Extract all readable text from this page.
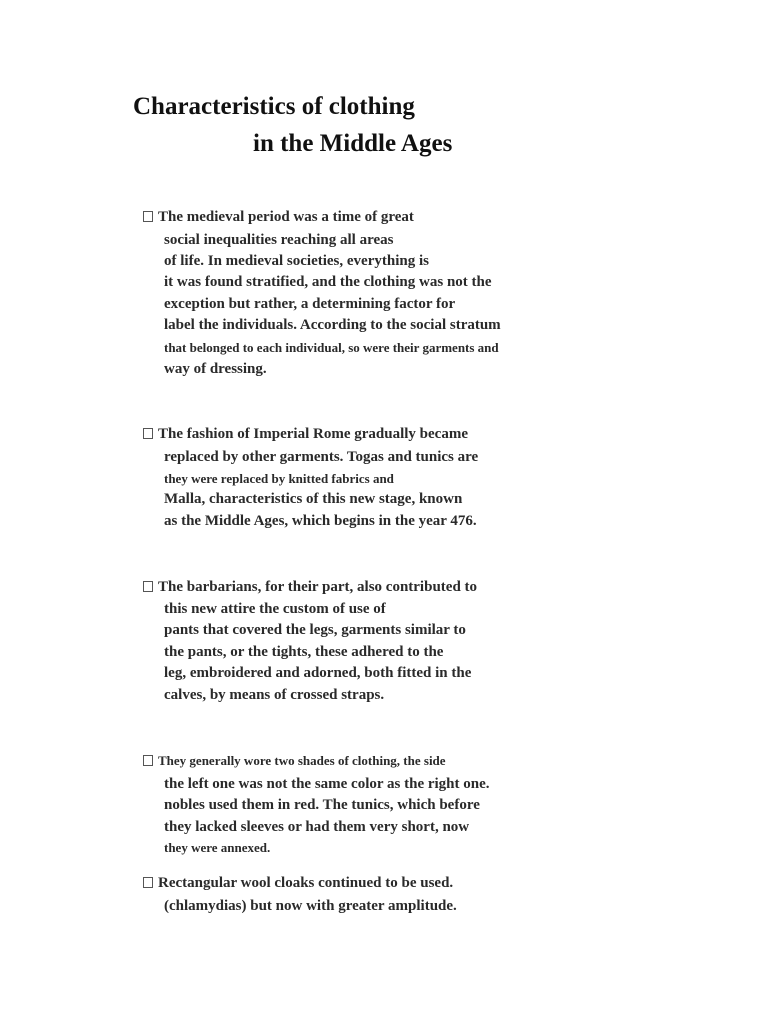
Characteristics of clothing
in the Middle Ages
The medieval period was a time of great
social inequalities reaching all areas
of life. In medieval societies, everything is
it was found stratified, and the clothing was not the
exception but rather, a determining factor for
label the individuals. According to the social stratum
that belonged to each individual, so were their garments and
way of dressing.
The fashion of Imperial Rome gradually became
replaced by other garments. Togas and tunics are
they were replaced by knitted fabrics and
Malla, characteristics of this new stage, known
as the Middle Ages, which begins in the year 476.
The barbarians, for their part, also contributed to
this new attire the custom of use of
pants that covered the legs, garments similar to
the pants, or the tights, these adhered to the
leg, embroidered and adorned, both fitted in the
calves, by means of crossed straps.
They generally wore two shades of clothing, the side
the left one was not the same color as the right one.
nobles used them in red. The tunics, which before
they lacked sleeves or had them very short, now
they were annexed.
Rectangular wool cloaks continued to be used.
(chlamydias) but now with greater amplitude.
